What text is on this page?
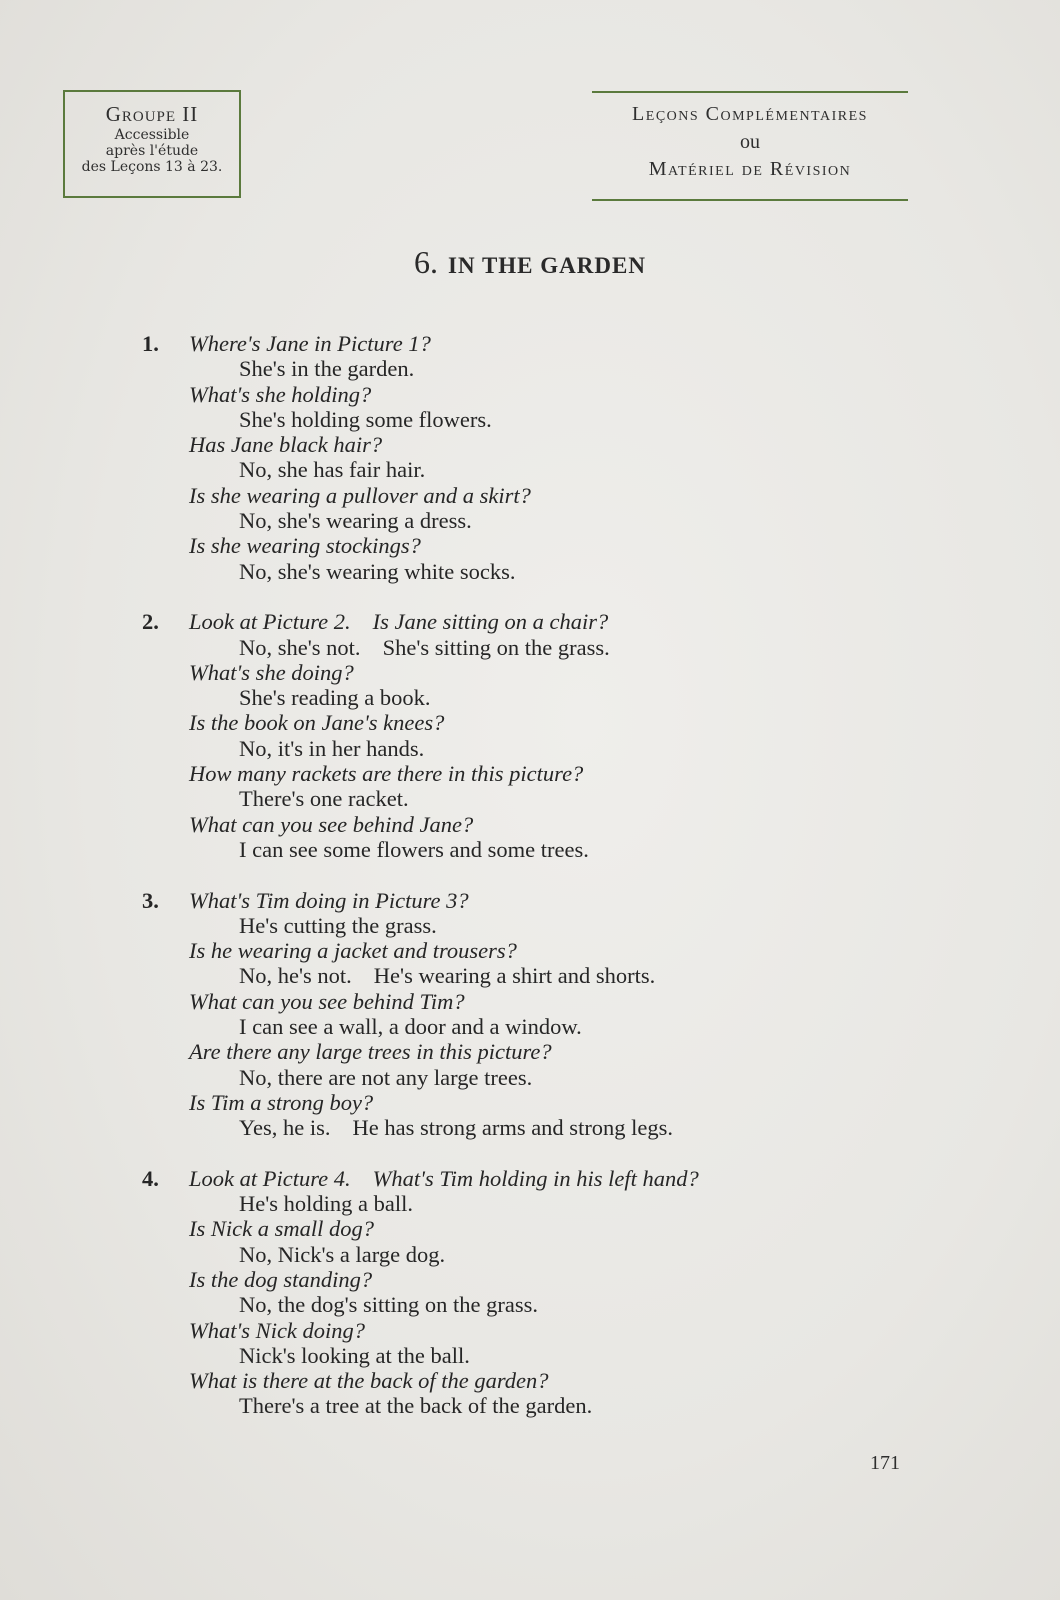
Groupe II
Accessible
après l'étude
des Leçons 13 à 23.
Leçons Complémentaires
ou
Matériel de Révision
6. IN THE GARDEN
1.	Where's Jane in Picture 1?
She's in the garden.
What's she holding?
She's holding some flowers.
Has Jane black hair?
No, she has fair hair.
Is she wearing a pullover and a skirt?
No, she's wearing a dress.
Is she wearing stockings?
No, she's wearing white socks.
2.	Look at Picture 2. Is Jane sitting on a chair?
No, she's not. She's sitting on the grass.
What's she doing?
She's reading a book.
Is the book on Jane's knees?
No, it's in her hands.
How many rackets are there in this picture?
There's one racket.
What can you see behind Jane?
I can see some flowers and some trees.
3.	What's Tim doing in Picture 3?
He's cutting the grass.
Is he wearing a jacket and trousers?
No, he's not. He's wearing a shirt and shorts.
What can you see behind Tim?
I can see a wall, a door and a window.
Are there any large trees in this picture?
No, there are not any large trees.
Is Tim a strong boy?
Yes, he is. He has strong arms and strong legs.
4.	Look at Picture 4. What's Tim holding in his left hand?
He's holding a ball.
Is Nick a small dog?
No, Nick's a large dog.
Is the dog standing?
No, the dog's sitting on the grass.
What's Nick doing?
Nick's looking at the ball.
What is there at the back of the garden?
There's a tree at the back of the garden.
171
